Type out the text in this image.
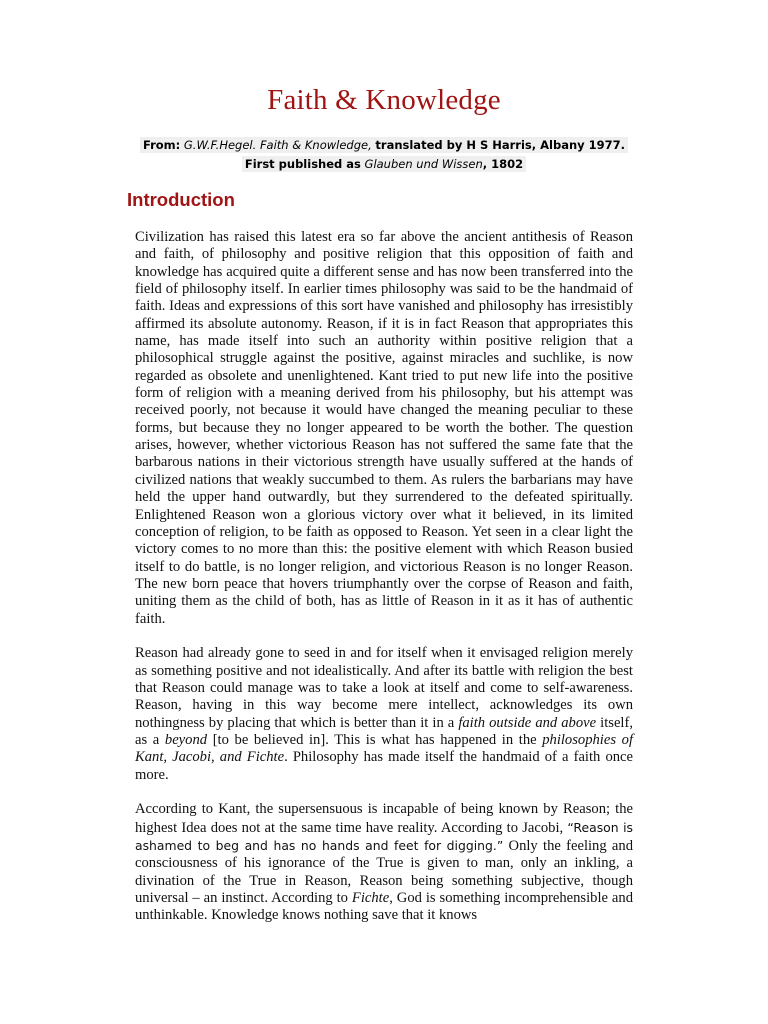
Faith & Knowledge
From: G.W.F.Hegel. Faith & Knowledge, translated by H S Harris, Albany 1977.
First published as Glauben und Wissen, 1802
Introduction

Civilization has raised this latest era so far above the ancient antithesis of Reason and faith, of philosophy and positive religion that this opposition of faith and knowledge has acquired quite a different sense and has now been transferred into the field of philosophy itself. In earlier times philosophy was said to be the handmaid of faith. Ideas and expressions of this sort have vanished and philosophy has irresistibly affirmed its absolute autonomy. Reason, if it is in fact Reason that appropriates this name, has made itself into such an authority within positive religion that a philosophical struggle against the positive, against miracles and suchlike, is now regarded as obsolete and unenlightened. Kant tried to put new life into the positive form of religion with a meaning derived from his philosophy, but his attempt was received poorly, not because it would have changed the meaning peculiar to these forms, but because they no longer appeared to be worth the bother. The question arises, however, whether victorious Reason has not suffered the same fate that the barbarous nations in their victorious strength have usually suffered at the hands of civilized nations that weakly succumbed to them. As rulers the barbarians may have held the upper hand outwardly, but they surrendered to the defeated spiritually. Enlightened Reason won a glorious victory over what it believed, in its limited conception of religion, to be faith as opposed to Reason. Yet seen in a clear light the victory comes to no more than this: the positive element with which Reason busied itself to do battle, is no longer religion, and victorious Reason is no longer Reason. The new born peace that hovers triumphantly over the corpse of Reason and faith, uniting them as the child of both, has as little of Reason in it as it has of authentic faith.

Reason had already gone to seed in and for itself when it envisaged religion merely as something positive and not idealistically. And after its battle with religion the best that Reason could manage was to take a look at itself and come to self-awareness. Reason, having in this way become mere intellect, acknowledges its own nothingness by placing that which is better than it in a faith outside and above itself, as a beyond [to be believed in]. This is what has happened in the philosophies of Kant, Jacobi, and Fichte. Philosophy has made itself the handmaid of a faith once more.

According to Kant, the supersensuous is incapable of being known by Reason; the highest Idea does not at the same time have reality. According to Jacobi, “Reason is ashamed to beg and has no hands and feet for digging.” Only the feeling and consciousness of his ignorance of the True is given to man, only an inkling, a divination of the True in Reason, Reason being something subjective, though universal – an instinct. According to Fichte, God is something incomprehensible and unthinkable. Knowledge knows nothing save that it knows
